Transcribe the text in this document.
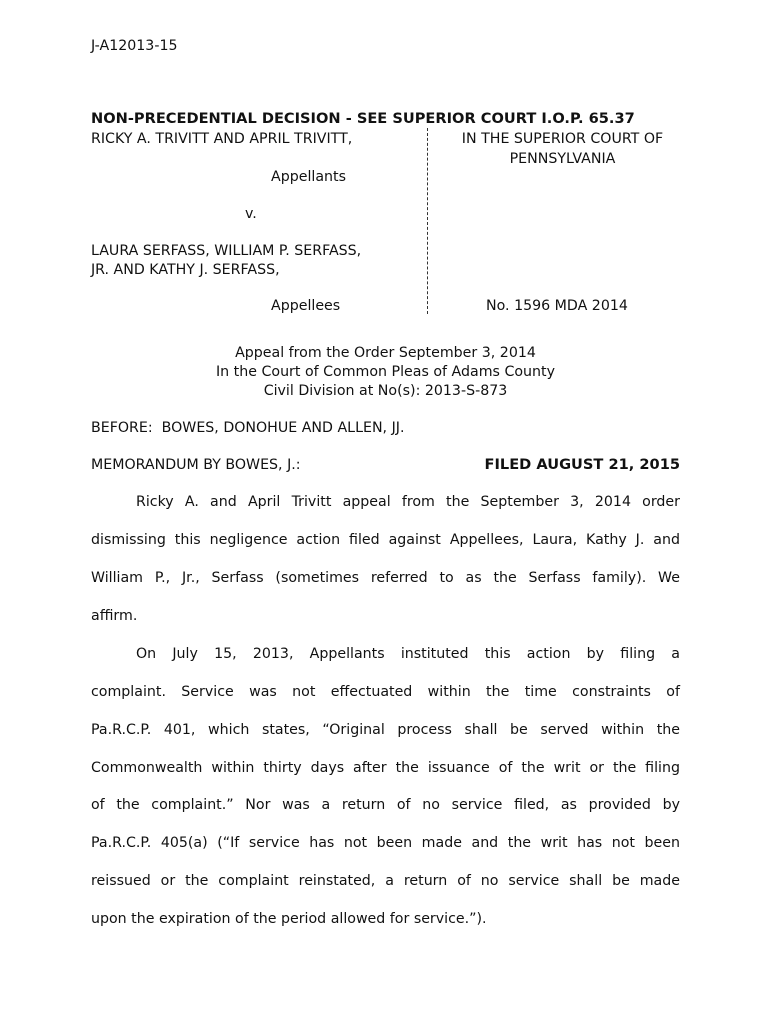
J-A12013-15
NON-PRECEDENTIAL DECISION - SEE SUPERIOR COURT I.O.P. 65.37
RICKY A. TRIVITT AND APRIL TRIVITT,
Appellants
v.
LAURA SERFASS, WILLIAM P. SERFASS,
JR. AND KATHY J. SERFASS,
Appellees
IN THE SUPERIOR COURT OF
PENNSYLVANIA
No. 1596 MDA 2014
Appeal from the Order September 3, 2014
In the Court of Common Pleas of Adams County
Civil Division at No(s): 2013-S-873
BEFORE:  BOWES, DONOHUE AND ALLEN, JJ.
MEMORANDUM BY BOWES, J.:	FILED AUGUST 21, 2015
Ricky A. and April Trivitt appeal from the September 3, 2014 order
dismissing this negligence action filed against Appellees, Laura, Kathy J. and
William P., Jr., Serfass (sometimes referred to as the Serfass family). We
affirm.
On July 15, 2013, Appellants instituted this action by filing a
complaint. Service was not effectuated within the time constraints of
Pa.R.C.P. 401, which states, “Original process shall be served within the
Commonwealth within thirty days after the issuance of the writ or the filing
of the complaint.” Nor was a return of no service filed, as provided by
Pa.R.C.P. 405(a) (“If service has not been made and the writ has not been
reissued or the complaint reinstated, a return of no service shall be made
upon the expiration of the period allowed for service.”).
